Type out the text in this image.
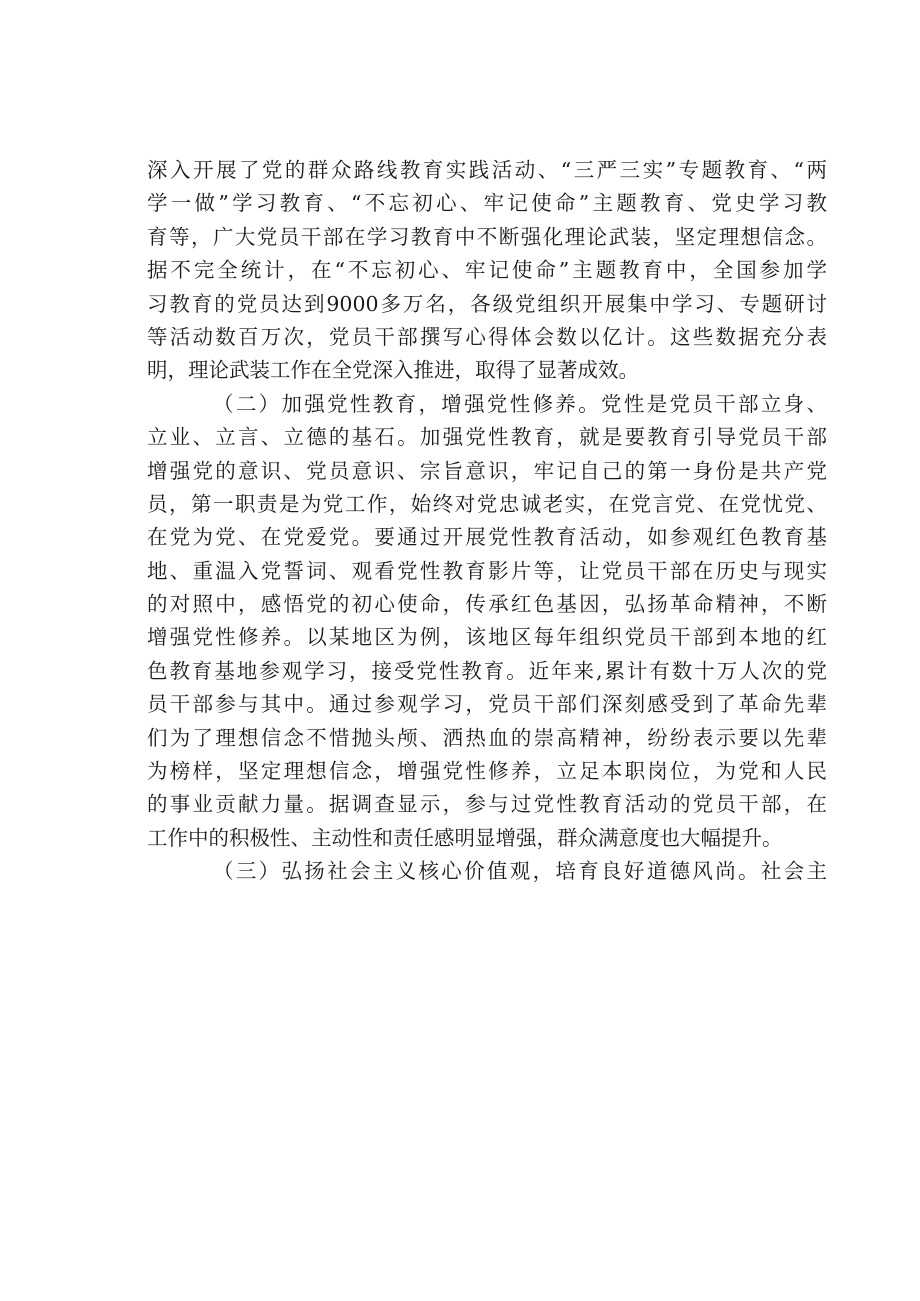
深入开展了党的群众路线教育实践活动、“三严三实”专题教育、“两
学一做”学习教育、“不忘初心、牢记使命”主题教育、党史学习教
育等，广大党员干部在学习教育中不断强化理论武装，坚定理想信念。
据不完全统计，在“不忘初心、牢记使命”主题教育中，全国参加学
习教育的党员达到9000多万名，各级党组织开展集中学习、专题研讨
等活动数百万次，党员干部撰写心得体会数以亿计。这些数据充分表
明，理论武装工作在全党深入推进，取得了显著成效。
（二）加强党性教育，增强党性修养。党性是党员干部立身、
立业、立言、立德的基石。加强党性教育，就是要教育引导党员干部
增强党的意识、党员意识、宗旨意识，牢记自己的第一身份是共产党
员，第一职责是为党工作，始终对党忠诚老实，在党言党、在党忧党、
在党为党、在党爱党。要通过开展党性教育活动，如参观红色教育基
地、重温入党誓词、观看党性教育影片等，让党员干部在历史与现实
的对照中，感悟党的初心使命，传承红色基因，弘扬革命精神，不断
增强党性修养。以某地区为例，该地区每年组织党员干部到本地的红
色教育基地参观学习，接受党性教育。近年来,累计有数十万人次的党
员干部参与其中。通过参观学习，党员干部们深刻感受到了革命先辈
们为了理想信念不惜抛头颅、洒热血的崇高精神，纷纷表示要以先辈
为榜样，坚定理想信念，增强党性修养，立足本职岗位，为党和人民
的事业贡献力量。据调查显示，参与过党性教育活动的党员干部，在
工作中的积极性、主动性和责任感明显增强，群众满意度也大幅提升。
（三）弘扬社会主义核心价值观，培育良好道德风尚。社会主
